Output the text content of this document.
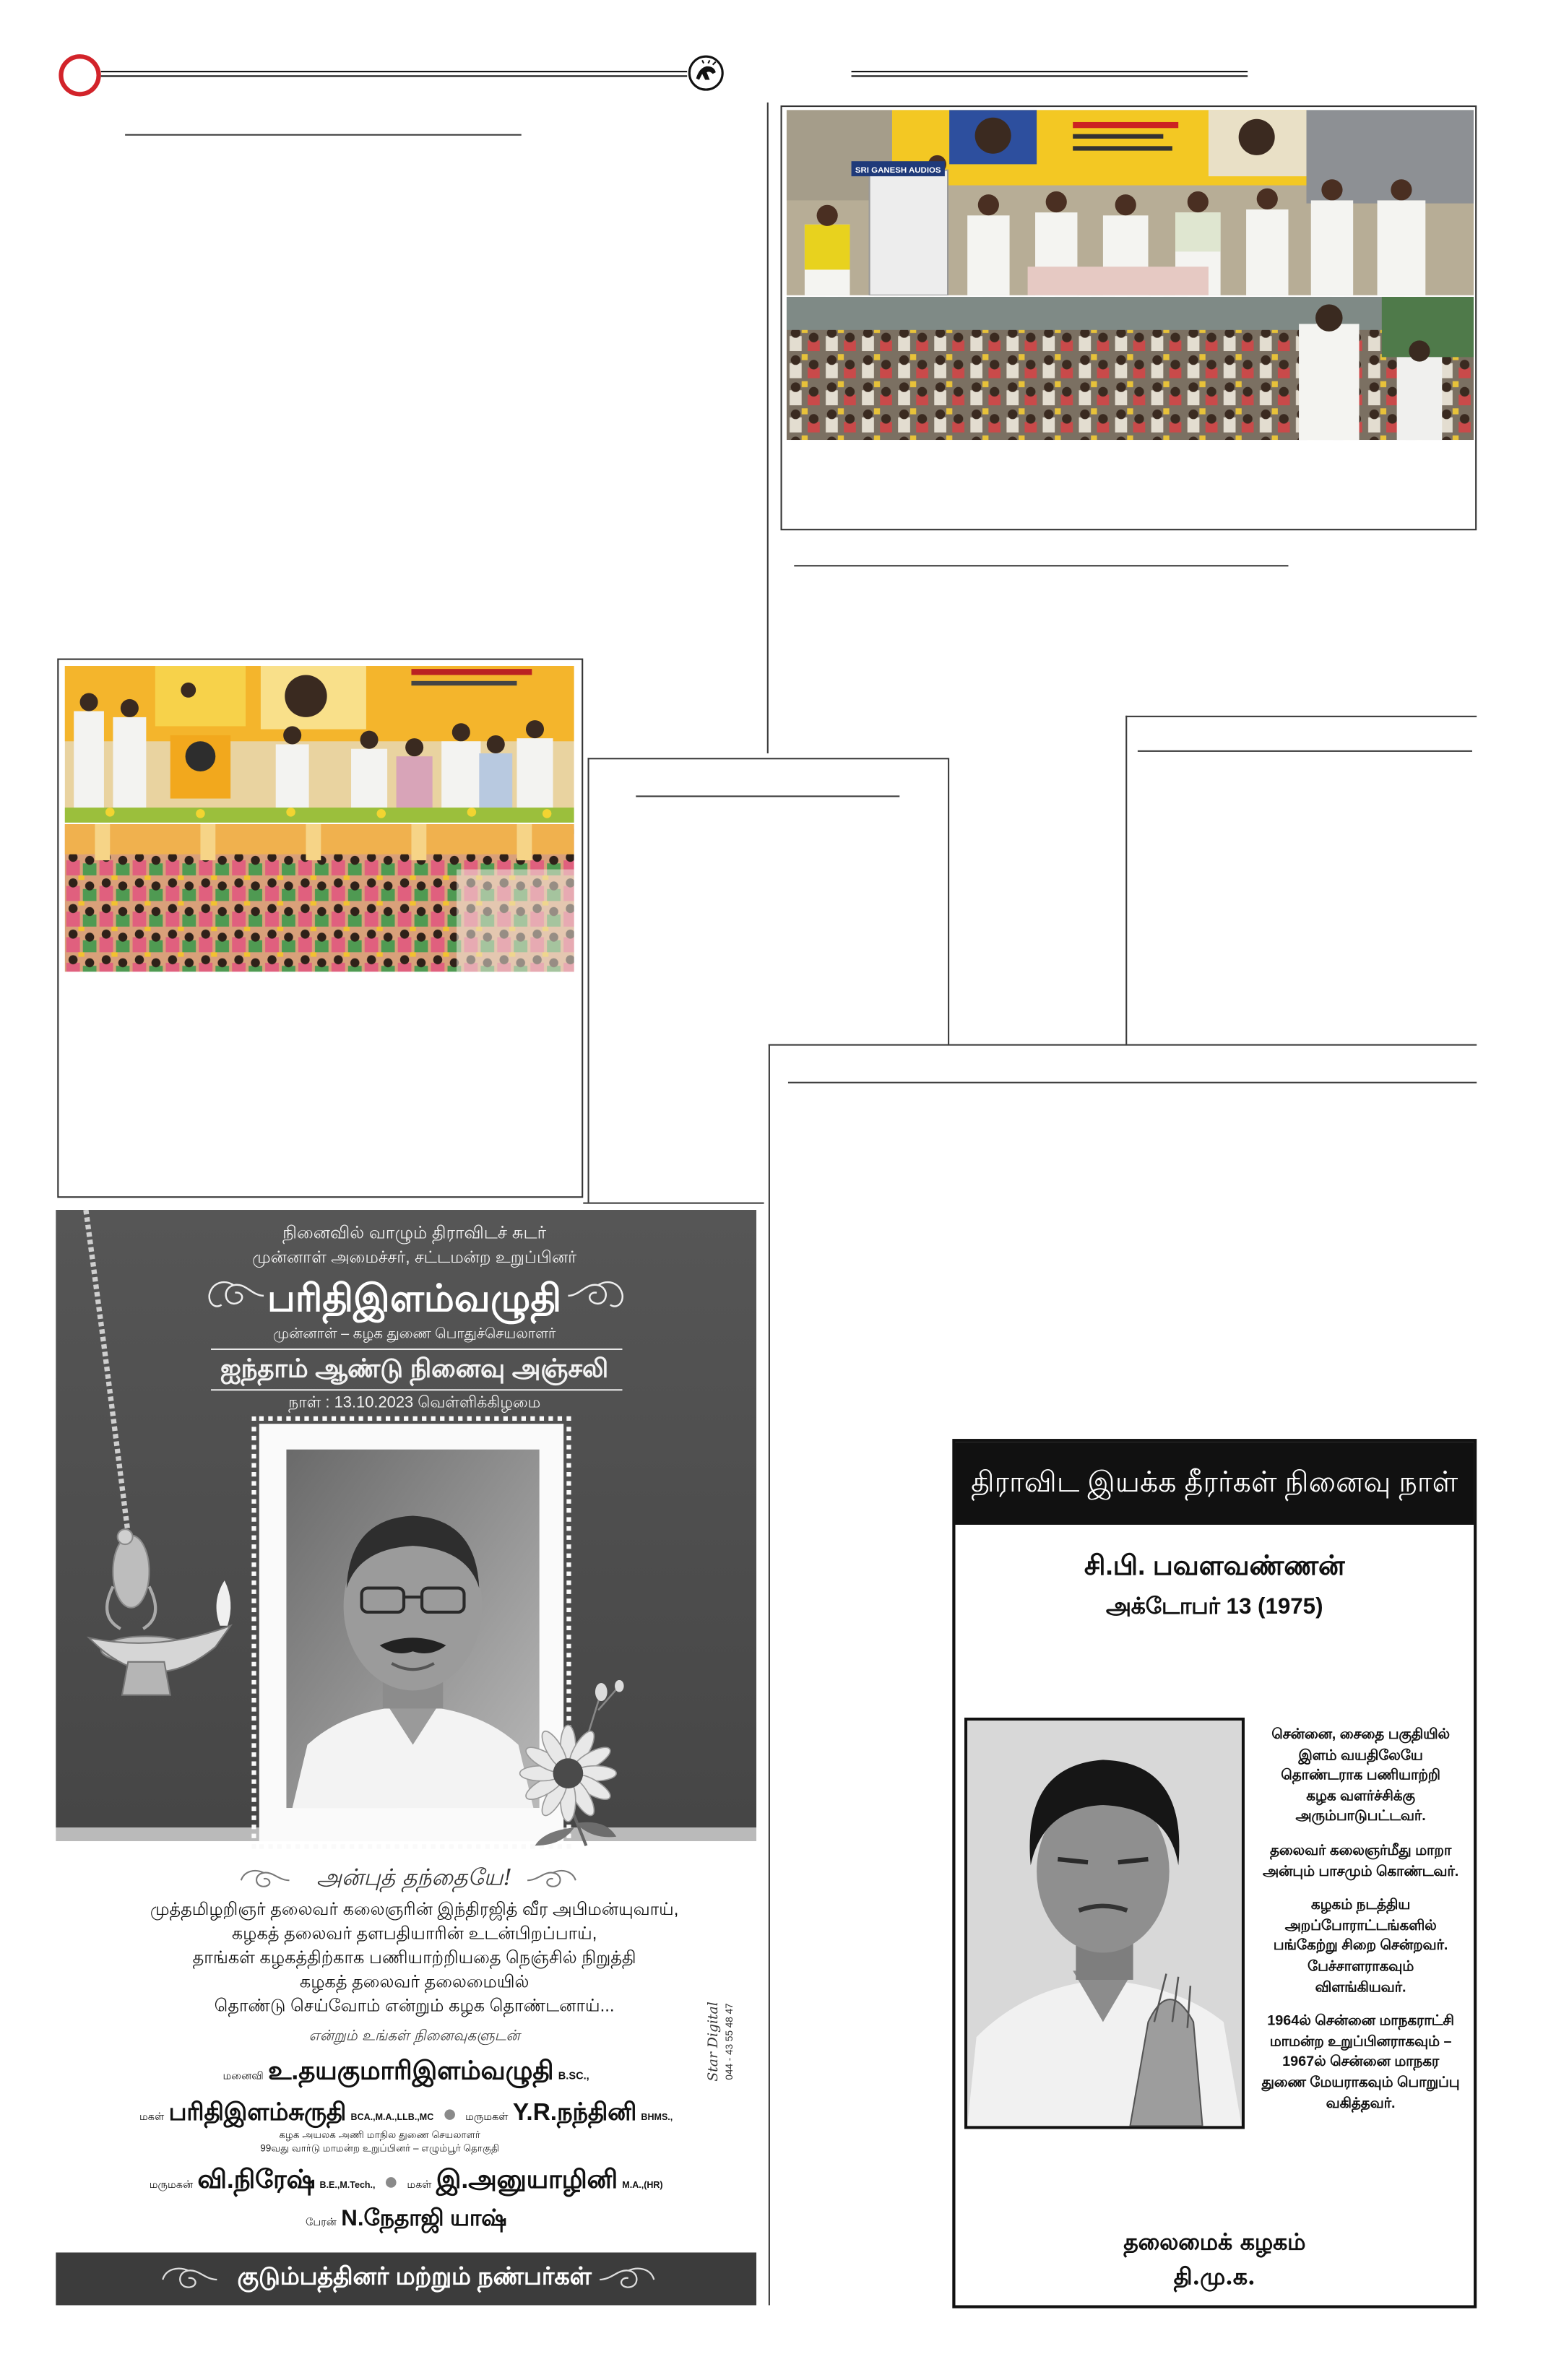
SRI GANESH AUDIOS
நினைவில் வாழும் திராவிடச் சுடர்
முன்னாள் அமைச்சர், சட்டமன்ற உறுப்பினர்
பரிதிஇளம்வழுதி
முன்னாள் – கழக துணை பொதுச்செயலாளர்
ஐந்தாம் ஆண்டு நினைவு அஞ்சலி
நாள் : 13.10.2023 வெள்ளிக்கிழமை
அன்புத் தந்தையே!
முத்தமிழறிஞர் தலைவர் கலைஞரின் இந்திரஜித் வீர அபிமன்யுவாய்,
கழகத் தலைவர் தளபதியாரின் உடன்பிறப்பாய்,
தாங்கள் கழகத்திற்காக பணியாற்றியதை நெஞ்சில் நிறுத்தி
கழகத் தலைவர் தலைமையில்
தொண்டு செய்வோம் என்றும் கழக தொண்டனாய்...
என்றும் உங்கள் நினைவுகளுடன்
மனைவி உ.தயகுமாரிஇளம்வழுதி B.SC.,
மகள் பரிதிஇளம்சுருதி BCA.,M.A.,LLB.,MC	மருமகள் Y.R.நந்தினி BHMS.,
கழக அயலக அணி மாநில துணை செயலாளர்
99வது வார்டு மாமன்ற உறுப்பினர் – எழும்பூர் தொகுதி
மருமகன் வி.நிரேஷ் B.E.,M.Tech.,	மகள் இ.அனுயாழினி M.A.,(HR)
பேரன் N.நேதாஜி யாஷ்
Star Digital 044 - 43 55 48 47
குடும்பத்தினர் மற்றும் நண்பர்கள்
திராவிட இயக்க தீரர்கள் நினைவு நாள்
சி.பி. பவளவண்ணன்
அக்டோபர் 13 (1975)

சென்னை, சைதை பகுதியில்
இளம் வயதிலேயே
தொண்டராக பணியாற்றி
கழக வளர்ச்சிக்கு
அரும்பாடுபட்டவர்.

தலைவர் கலைஞர்மீது மாறா
அன்பும் பாசமும் கொண்டவர்.

கழகம் நடத்திய
அறப்போராட்டங்களில்
பங்கேற்று சிறை சென்றவர்.
பேச்சாளராகவும்
விளங்கியவர்.

1964ல் சென்னை மாநகராட்சி
மாமன்ற உறுப்பினராகவும் –
1967ல் சென்னை மாநகர
துணை மேயராகவும் பொறுப்பு
வகித்தவர்.

தலைமைக் கழகம்
தி.மு.க.
